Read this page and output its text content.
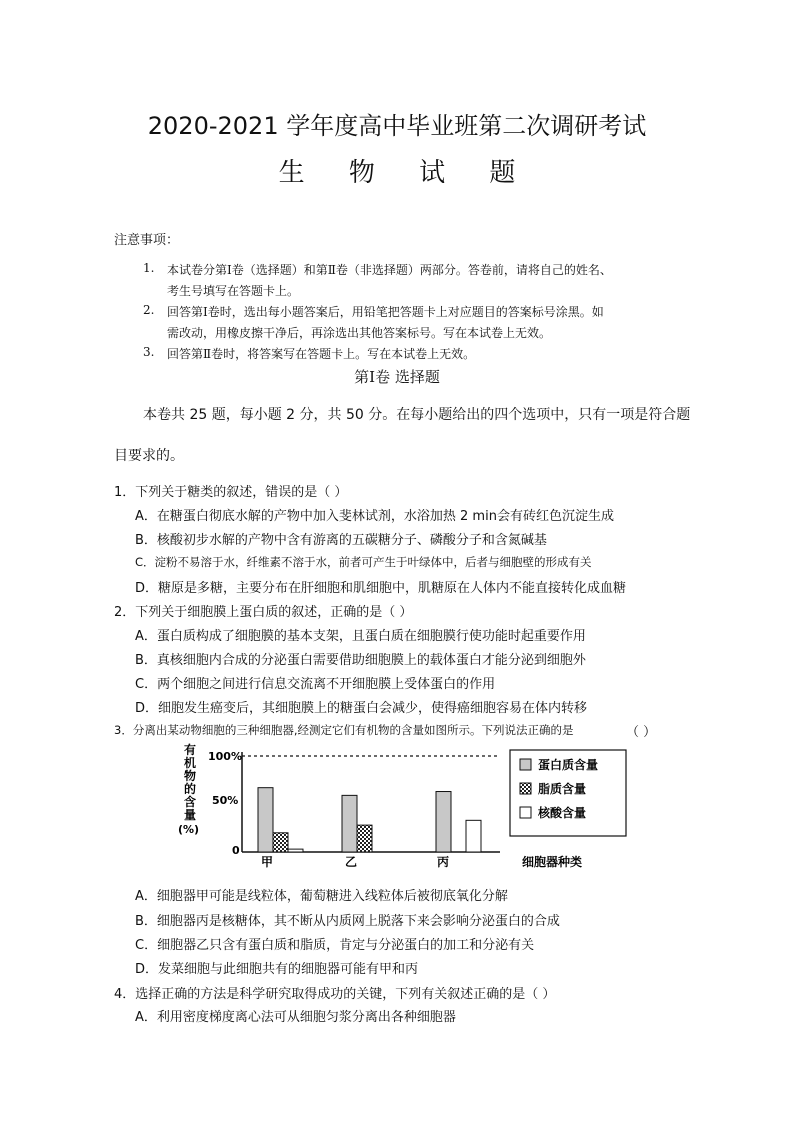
2020-2021 学年度高中毕业班第二次调研考试
生 物 试 题
注意事项：
1. 本试卷分第Ⅰ卷（选择题）和第Ⅱ卷（非选择题）两部分。答卷前，请将自己的姓名、
考生号填写在答题卡上。
2. 回答第Ⅰ卷时，选出每小题答案后，用铅笔把答题卡上对应题目的答案标号涂黑。如
需改动，用橡皮擦干净后，再涂选出其他答案标号。写在本试卷上无效。
3. 回答第Ⅱ卷时，将答案写在答题卡上。写在本试卷上无效。
第Ⅰ卷 选择题
本卷共 25 题，每小题 2 分，共 50 分。在每小题给出的四个选项中，只有一项是符合题
目要求的。
1．下列关于糖类的叙述，错误的是（ ）
A．在糖蛋白彻底水解的产物中加入斐林试剂，水浴加热 2 min会有砖红色沉淀生成
B．核酸初步水解的产物中含有游离的五碳糖分子、磷酸分子和含氮碱基
C．淀粉不易溶于水，纤维素不溶于水，前者可产生于叶绿体中，后者与细胞壁的形成有关
D．糖原是多糖，主要分布在肝细胞和肌细胞中，肌糖原在人体内不能直接转化成血糖
2．下列关于细胞膜上蛋白质的叙述，正确的是（ ）
A．蛋白质构成了细胞膜的基本支架，且蛋白质在细胞膜行使功能时起重要作用
B．真核细胞内合成的分泌蛋白需要借助细胞膜上的载体蛋白才能分泌到细胞外
C．两个细胞之间进行信息交流离不开细胞膜上受体蛋白的作用
D．细胞发生癌变后，其细胞膜上的糖蛋白会减少，使得癌细胞容易在体内转移
3．分离出某动物细胞的三种细胞器,经测定它们有机物的含量如图所示。下列说法正确的是	（ ）
有
机
物
的
含
量
(%)
100%
50%
0
甲	乙	丙	细胞器种类
蛋白质含量
脂质含量
核酸含量
A．细胞器甲可能是线粒体，葡萄糖进入线粒体后被彻底氧化分解
B．细胞器丙是核糖体，其不断从内质网上脱落下来会影响分泌蛋白的合成
C．细胞器乙只含有蛋白质和脂质，肯定与分泌蛋白的加工和分泌有关
D．发菜细胞与此细胞共有的细胞器可能有甲和丙
4．选择正确的方法是科学研究取得成功的关键，下列有关叙述正确的是（ ）
A．利用密度梯度离心法可从细胞匀浆分离出各种细胞器
